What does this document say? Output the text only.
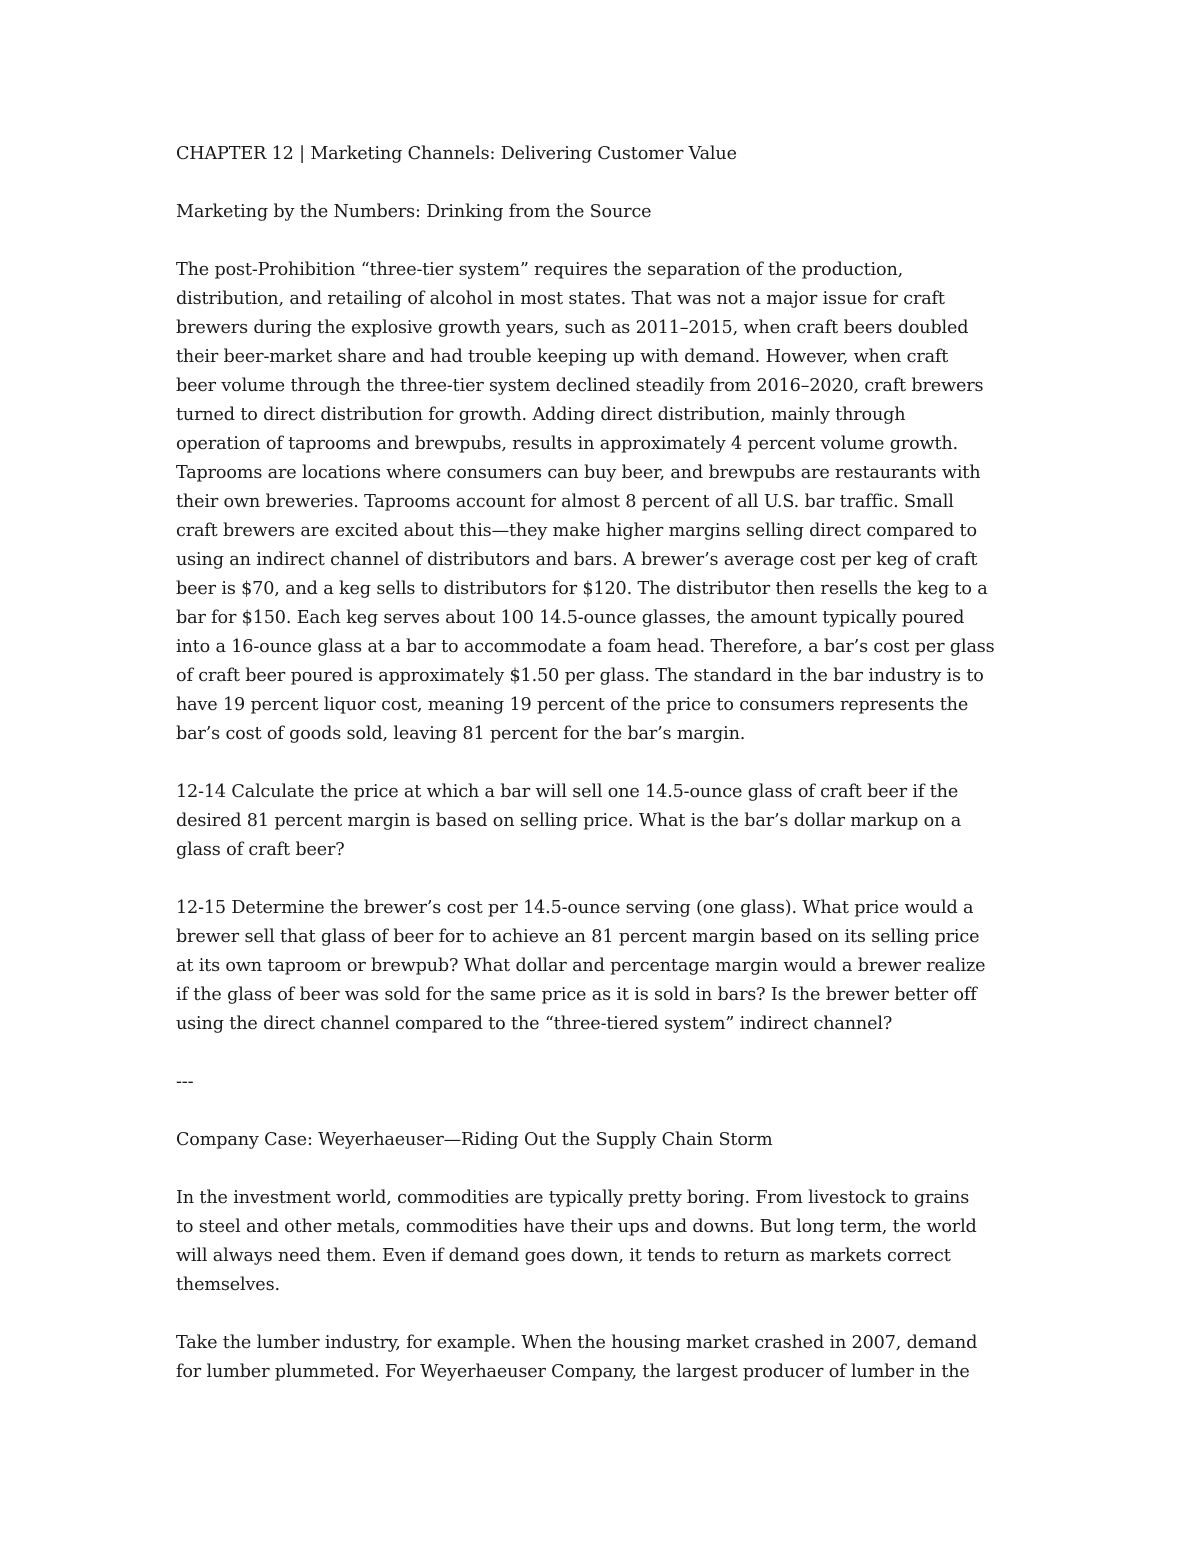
CHAPTER 12 | Marketing Channels: Delivering Customer Value

Marketing by the Numbers: Drinking from the Source

The post-Prohibition “three-tier system” requires the separation of the production,
distribution, and retailing of alcohol in most states. That was not a major issue for craft
brewers during the explosive growth years, such as 2011–2015, when craft beers doubled
their beer-market share and had trouble keeping up with demand. However, when craft
beer volume through the three-tier system declined steadily from 2016–2020, craft brewers
turned to direct distribution for growth. Adding direct distribution, mainly through
operation of taprooms and brewpubs, results in approximately 4 percent volume growth.
Taprooms are locations where consumers can buy beer, and brewpubs are restaurants with
their own breweries. Taprooms account for almost 8 percent of all U.S. bar traffic. Small
craft brewers are excited about this—they make higher margins selling direct compared to
using an indirect channel of distributors and bars. A brewer’s average cost per keg of craft
beer is $70, and a keg sells to distributors for $120. The distributor then resells the keg to a
bar for $150. Each keg serves about 100 14.5-ounce glasses, the amount typically poured
into a 16-ounce glass at a bar to accommodate a foam head. Therefore, a bar’s cost per glass
of craft beer poured is approximately $1.50 per glass. The standard in the bar industry is to
have 19 percent liquor cost, meaning 19 percent of the price to consumers represents the
bar’s cost of goods sold, leaving 81 percent for the bar’s margin.

12-14 Calculate the price at which a bar will sell one 14.5-ounce glass of craft beer if the
desired 81 percent margin is based on selling price. What is the bar’s dollar markup on a
glass of craft beer?

12-15 Determine the brewer’s cost per 14.5-ounce serving (one glass). What price would a
brewer sell that glass of beer for to achieve an 81 percent margin based on its selling price
at its own taproom or brewpub? What dollar and percentage margin would a brewer realize
if the glass of beer was sold for the same price as it is sold in bars? Is the brewer better off
using the direct channel compared to the “three-tiered system” indirect channel?

---

Company Case: Weyerhaeuser—Riding Out the Supply Chain Storm

In the investment world, commodities are typically pretty boring. From livestock to grains
to steel and other metals, commodities have their ups and downs. But long term, the world
will always need them. Even if demand goes down, it tends to return as markets correct
themselves.

Take the lumber industry, for example. When the housing market crashed in 2007, demand
for lumber plummeted. For Weyerhaeuser Company, the largest producer of lumber in the
